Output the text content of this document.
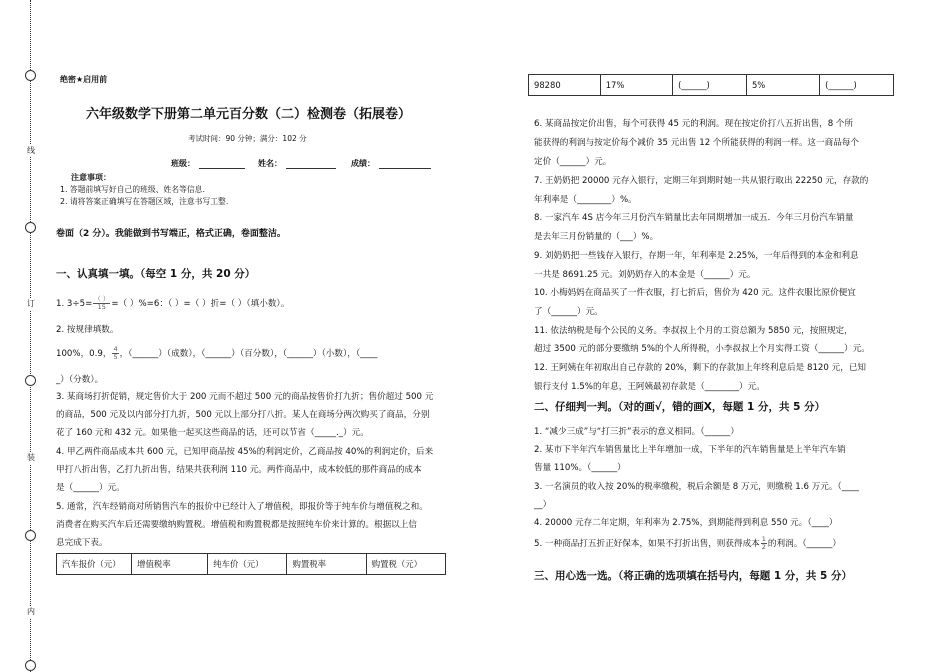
线
订
装
内
绝密★启用前
六年级数学下册第二单元百分数（二）检测卷（拓展卷）
考试时间：90 分钟；满分：102 分
班级：	姓名：	成绩：
注意事项：
1. 答题前填写好自己的班级、姓名等信息.
2. 请将答案正确填写在答题区域，注意书写工整.
卷面（2 分）。我能做到书写端正，格式正确，卷面整洁。
一、认真填一填。（每空 1 分，共 20 分）
1. $3\div 5= \frac{( )}{15}=$（ ）%=6：（ ）=（ ）折=（ ）（填小数）。
2. 按规律填数。
100%，0.9， $\frac{4}{5}$，（______）（成数），（______）（百分数），（______）（小数），（____
_）（分数）。
3. 某商场打折促销，规定售价大于 200 元而不超过 500 元的商品按售价打九折；售价超过 500 元
的商品，500 元及以内部分打九折，500 元以上部分打八折。某人在商场分两次购买了商品，分别
花了 160 元和 432 元。如果他一起买这些商品的话，还可以节省（_____._）元。
4. 甲乙两件商品成本共 600 元，已知甲商品按 45%的利润定价，乙商品按 40%的利润定价，后来
甲打八折出售，乙打九折出售，结果共获利润 110 元。两件商品中，成本较低的那件商品的成本
是（______）元。
5. 通常，汽车经销商对所销售汽车的报价中已经计入了增值税，即报价等于纯车价与增值税之和。
消费者在购买汽车后还需要缴纳购置税。增值税和购置税都是按照纯车价来计算的。根据以上信
息完成下表。
汽车报价（元）	增值税率	纯车价（元）	购置税率	购置税（元）
98280	17%	(______)	5%	(______)
6. 某商品按定价出售，每个可获得 45 元的利润。现在按定价打八五折出售，8 个所
能获得的利润与按定价每个减价 35 元出售 12 个所能获得的利润一样。这一商品每个
定价（______）元。
7. 王奶奶把 20000 元存入银行，定期三年到期时她一共从银行取出 22250 元，存款的
年利率是（________）%。
8. 一家汽车 4S 店今年三月份汽车销量比去年同期增加一成五．今年三月份汽车销量
是去年三月份销量的（___）%。
9. 刘奶奶把一些钱存入银行，存期一年，年利率是 2.25%，一年后得到的本金和利息
一共是 8691.25 元。刘奶奶存入的本金是（______）元。
10. 小梅妈妈在商品买了一件衣服，打七折后，售价为 420 元。这件衣服比原价便宜
了（______）元。
11. 依法纳税是每个公民的义务。李叔叔上个月的工资总额为 5850 元，按照规定，
超过 3500 元的部分要缴纳 5%的个人所得税，小李叔叔上个月实得工资（______）元。
12. 王阿姨在年初取出自己存款的 20%，剩下的存款加上年终利息后是 8120 元，已知
银行支付 1.5%的年息，王阿姨最初存款是（________）元。
二、仔细判一判。（对的画√，错的画Ⅹ，每题 1 分，共 5 分）
1. “减少三成”与“打三折”表示的意义相同。（______）
2. 某市下半年汽车销售量比上半年增加一成，下半年的汽车销售量是上半年汽车销
售量 110%。（______）
3. 一名演员的收入按 20%的税率缴税，税后余额是 8 万元，则缴税 1.6 万元。（____
__）
4. 20000 元存二年定期，年利率为 2.75%，到期能得到利息 550 元。（____）
5. 一种商品打五折正好保本，如果不打折出售，则获得成本 $\frac{1}{2}$的利润。（______）
三、用心选一选。（将正确的选项填在括号内，每题 1 分，共 5 分）
